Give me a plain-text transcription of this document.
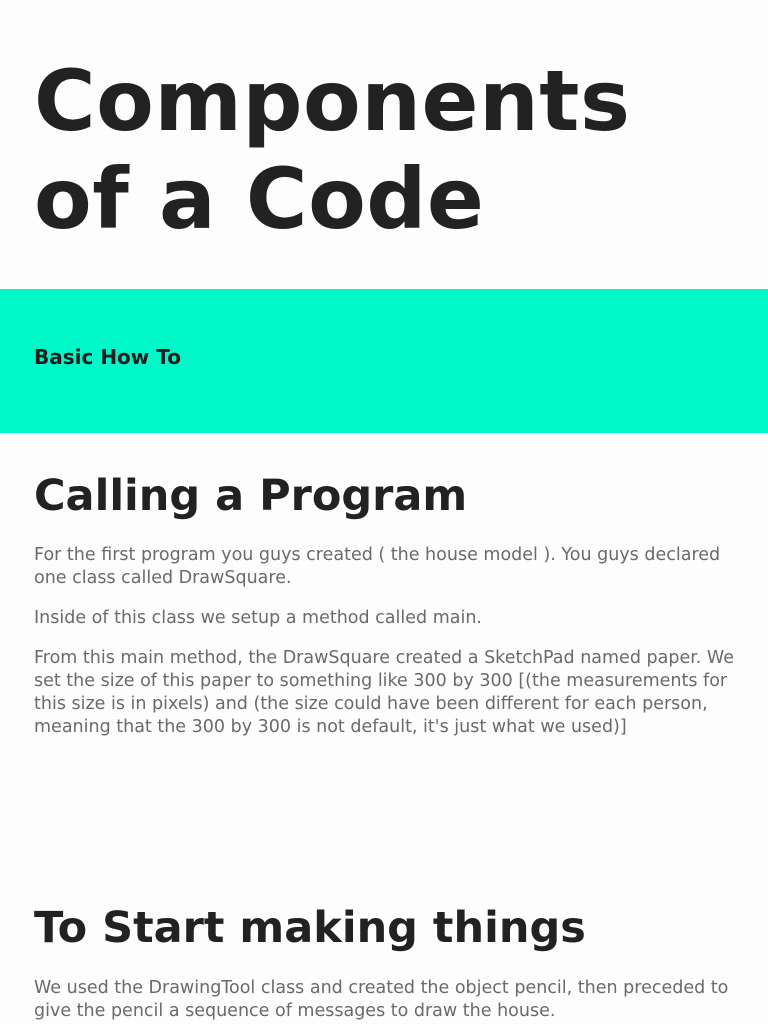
Components
of a Code

Basic How To

Calling a Program

For the first program you guys created ( the house model ). You guys declared one class called DrawSquare.

Inside of this class we setup a method called main.

From this main method, the DrawSquare created a SketchPad named paper. We set the size of this paper to something like 300 by 300 [(the measurements for this size is in pixels) and (the size could have been different for each person, meaning that the 300 by 300 is not default, it's just what we used)]

To Start making things

We used the DrawingTool class and created the object pencil, then preceded to give the pencil a sequence of messages to draw the house.
